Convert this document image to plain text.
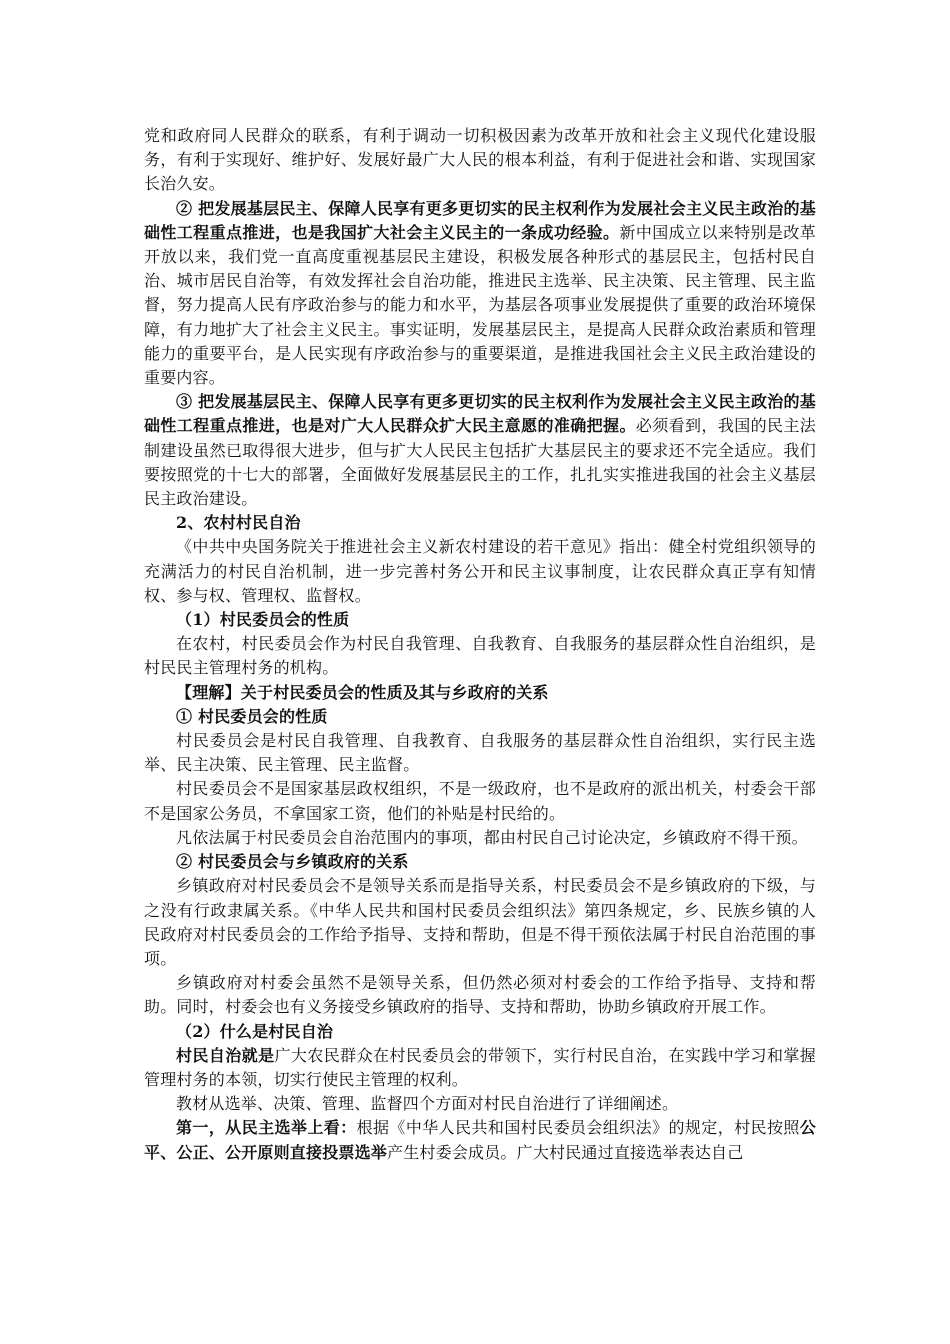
党和政府同人民群众的联系，有利于调动一切积极因素为改革开放和社会主义现代化建设服务，有利于实现好、维护好、发展好最广大人民的根本利益，有利于促进社会和谐、实现国家长治久安。

② 把发展基层民主、保障人民享有更多更切实的民主权利作为发展社会主义民主政治的基础性工程重点推进，也是我国扩大社会主义民主的一条成功经验。新中国成立以来特别是改革开放以来，我们党一直高度重视基层民主建设，积极发展各种形式的基层民主，包括村民自治、城市居民自治等，有效发挥社会自治功能，推进民主选举、民主决策、民主管理、民主监督，努力提高人民有序政治参与的能力和水平，为基层各项事业发展提供了重要的政治环境保障，有力地扩大了社会主义民主。事实证明，发展基层民主，是提高人民群众政治素质和管理能力的重要平台，是人民实现有序政治参与的重要渠道，是推进我国社会主义民主政治建设的重要内容。

③ 把发展基层民主、保障人民享有更多更切实的民主权利作为发展社会主义民主政治的基础性工程重点推进，也是对广大人民群众扩大民主意愿的准确把握。必须看到，我国的民主法制建设虽然已取得很大进步，但与扩大人民民主包括扩大基层民主的要求还不完全适应。我们要按照党的十七大的部署，全面做好发展基层民主的工作，扎扎实实推进我国的社会主义基层民主政治建设。

2、农村村民自治

《中共中央国务院关于推进社会主义新农村建设的若干意见》指出：健全村党组织领导的充满活力的村民自治机制，进一步完善村务公开和民主议事制度，让农民群众真正享有知情权、参与权、管理权、监督权。

（1）村民委员会的性质

在农村，村民委员会作为村民自我管理、自我教育、自我服务的基层群众性自治组织，是村民民主管理村务的机构。

【理解】关于村民委员会的性质及其与乡政府的关系

① 村民委员会的性质

村民委员会是村民自我管理、自我教育、自我服务的基层群众性自治组织，实行民主选举、民主决策、民主管理、民主监督。

村民委员会不是国家基层政权组织，不是一级政府，也不是政府的派出机关，村委会干部不是国家公务员，不拿国家工资，他们的补贴是村民给的。

凡依法属于村民委员会自治范围内的事项，都由村民自己讨论决定，乡镇政府不得干预。

② 村民委员会与乡镇政府的关系

乡镇政府对村民委员会不是领导关系而是指导关系，村民委员会不是乡镇政府的下级，与之没有行政隶属关系。《中华人民共和国村民委员会组织法》第四条规定，乡、民族乡镇的人民政府对村民委员会的工作给予指导、支持和帮助，但是不得干预依法属于村民自治范围的事项。

乡镇政府对村委会虽然不是领导关系，但仍然必须对村委会的工作给予指导、支持和帮助。同时，村委会也有义务接受乡镇政府的指导、支持和帮助，协助乡镇政府开展工作。

（2）什么是村民自治

村民自治就是广大农民群众在村民委员会的带领下，实行村民自治，在实践中学习和掌握管理村务的本领，切实行使民主管理的权利。

教材从选举、决策、管理、监督四个方面对村民自治进行了详细阐述。

第一，从民主选举上看：根据《中华人民共和国村民委员会组织法》的规定，村民按照公平、公正、公开原则直接投票选举产生村委会成员。广大村民通过直接选举表达自己
